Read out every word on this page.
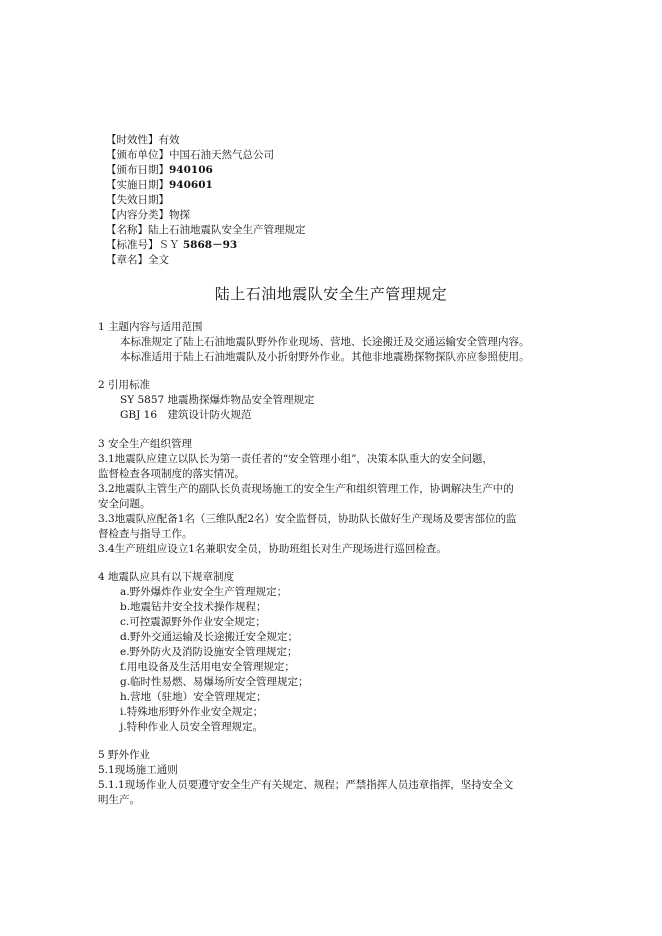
【时效性】有效
【颁布单位】中国石油天然气总公司
【颁布日期】940106
【实施日期】940601
【失效日期】
【内容分类】物探
【名称】陆上石油地震队安全生产管理规定
【标准号】ＳＹ 5868－93
【章名】全文
陆上石油地震队安全生产管理规定
1 主题内容与适用范围
本标准规定了陆上石油地震队野外作业现场、营地、长途搬迁及交通运输安全管理内容。
本标准适用于陆上石油地震队及小折射野外作业。其他非地震勘探物探队亦应参照使用。
2 引用标准
SY 5857 地震勘探爆炸物品安全管理规定
GBJ 16　建筑设计防火规范
3 安全生产组织管理
3.1地震队应建立以队长为第一责任者的“安全管理小组”，决策本队重大的安全问题，
监督检查各项制度的落实情况。
3.2地震队主管生产的副队长负责现场施工的安全生产和组织管理工作，协调解决生产中的
安全问题。
3.3地震队应配备1名（三维队配2名）安全监督员，协助队长做好生产现场及要害部位的监
督检查与指导工作。
3.4生产班组应设立1名兼职安全员，协助班组长对生产现场进行巡回检查。
4 地震队应具有以下规章制度
a.野外爆炸作业安全生产管理规定；
b.地震钻井安全技术操作规程；
c.可控震源野外作业安全规定；
d.野外交通运输及长途搬迁安全规定；
e.野外防火及消防设施安全管理规定；
f.用电设备及生活用电安全管理规定；
g.临时性易燃、易爆场所安全管理规定；
h.营地（驻地）安全管理规定；
i.特殊地形野外作业安全规定；
j.特种作业人员安全管理规定。
5 野外作业
5.1现场施工通则
5.1.1现场作业人员要遵守安全生产有关规定、规程；严禁指挥人员违章指挥，坚持安全文
明生产。
